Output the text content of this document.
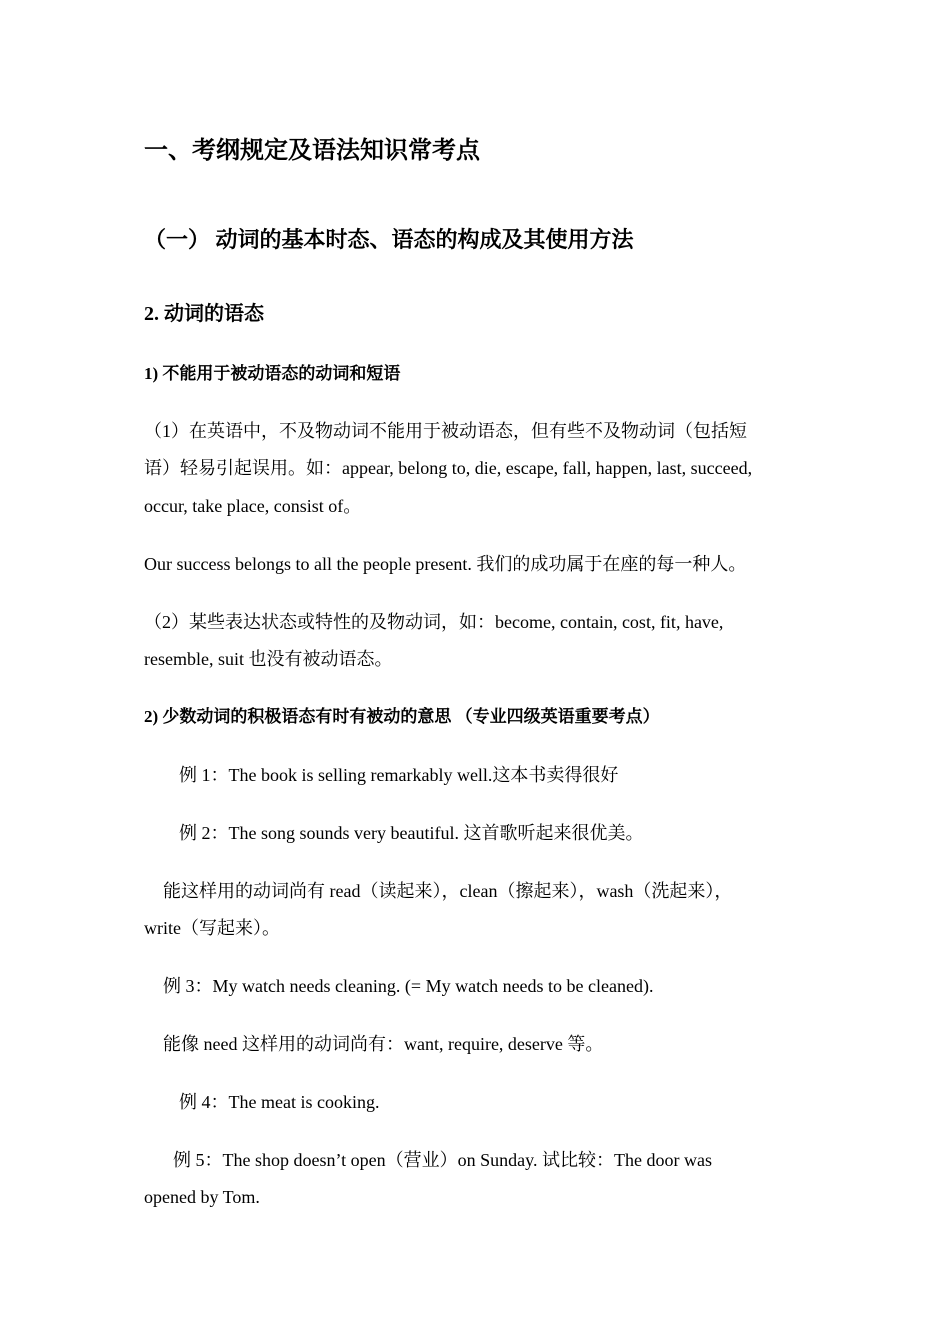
一、考纲规定及语法知识常考点
（一） 动词的基本时态、语态的构成及其使用方法
2. 动词的语态
1) 不能用于被动语态的动词和短语
（1）在英语中，不及物动词不能用于被动语态，但有些不及物动词（包括短
语）轻易引起误用。如：appear, belong to, die, escape, fall, happen, last, succeed,
occur, take place, consist of。
Our success belongs to all the people present. 我们的成功属于在座的每一种人。
（2）某些表达状态或特性的及物动词，如：become, contain, cost, fit, have,
resemble, suit 也没有被动语态。
2) 少数动词的积极语态有时有被动的意思 （专业四级英语重要考点）
例 1：The book is selling remarkably well.这本书卖得很好
例 2：The song sounds very beautiful. 这首歌听起来很优美。
能这样用的动词尚有 read（读起来），clean（擦起来），wash（洗起来），
write（写起来）。
例 3：My watch needs cleaning. (= My watch needs to be cleaned).
能像 need 这样用的动词尚有：want, require, deserve 等。
例 4：The meat is cooking.
例 5：The shop doesn’t open（营业）on Sunday. 试比较：The door was
opened by Tom.
